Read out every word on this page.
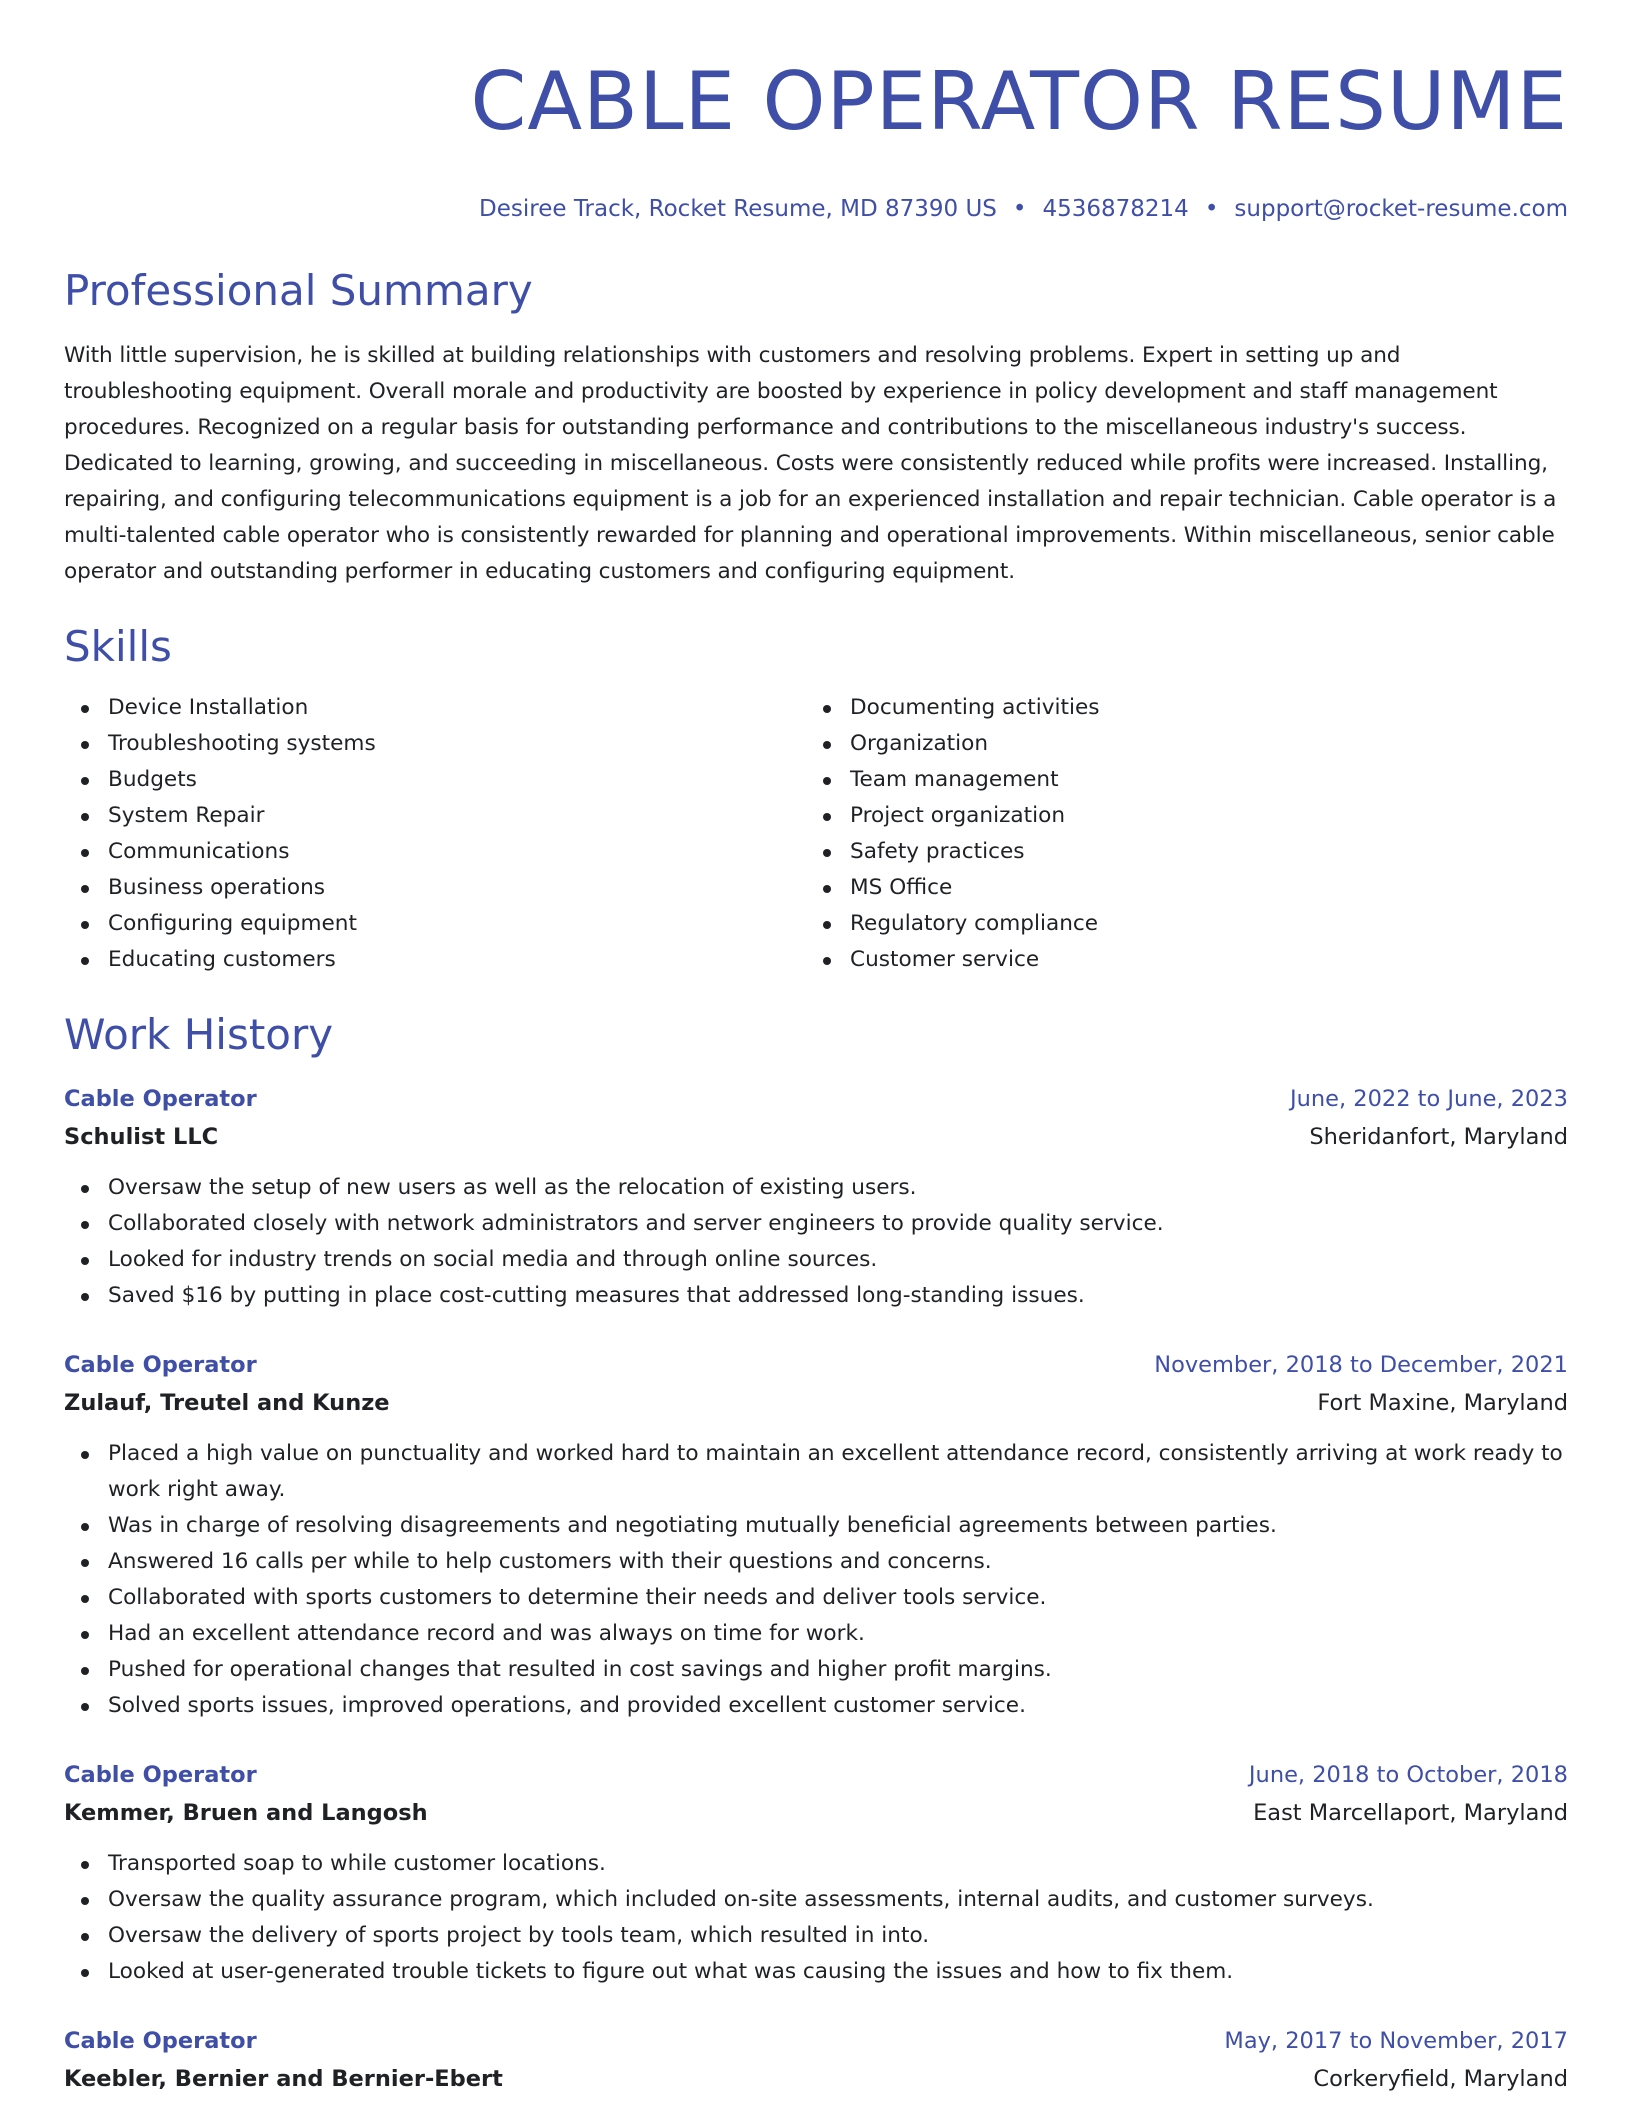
CABLE OPERATOR RESUME
Desiree Track, Rocket Resume, MD 87390 US • 4536878214 • support@rocket-resume.com
Professional Summary

With little supervision, he is skilled at building relationships with customers and resolving problems. Expert in setting up and troubleshooting equipment. Overall morale and productivity are boosted by experience in policy development and staff management procedures. Recognized on a regular basis for outstanding performance and contributions to the miscellaneous industry's success. Dedicated to learning, growing, and succeeding in miscellaneous. Costs were consistently reduced while profits were increased. Installing, repairing, and configuring telecommunications equipment is a job for an experienced installation and repair technician. Cable operator is a multi-talented cable operator who is consistently rewarded for planning and operational improvements. Within miscellaneous, senior cable operator and outstanding performer in educating customers and configuring equipment.

Skills
Device Installation
Troubleshooting systems
Budgets
System Repair
Communications
Business operations
Configuring equipment
Educating customers
Documenting activities
Organization
Team management
Project organization
Safety practices
MS Office
Regulatory compliance
Customer service
Work History
Cable Operator	June, 2022 to June, 2023
Schulist LLC	Sheridanfort, Maryland
Oversaw the setup of new users as well as the relocation of existing users.
Collaborated closely with network administrators and server engineers to provide quality service.
Looked for industry trends on social media and through online sources.
Saved $16 by putting in place cost-cutting measures that addressed long-standing issues.
Cable Operator	November, 2018 to December, 2021
Zulauf, Treutel and Kunze	Fort Maxine, Maryland
Placed a high value on punctuality and worked hard to maintain an excellent attendance record, consistently arriving at work ready to work right away.
Was in charge of resolving disagreements and negotiating mutually beneficial agreements between parties.
Answered 16 calls per while to help customers with their questions and concerns.
Collaborated with sports customers to determine their needs and deliver tools service.
Had an excellent attendance record and was always on time for work.
Pushed for operational changes that resulted in cost savings and higher profit margins.
Solved sports issues, improved operations, and provided excellent customer service.
Cable Operator	June, 2018 to October, 2018
Kemmer, Bruen and Langosh	East Marcellaport, Maryland
Transported soap to while customer locations.
Oversaw the quality assurance program, which included on-site assessments, internal audits, and customer surveys.
Oversaw the delivery of sports project by tools team, which resulted in into.
Looked at user-generated trouble tickets to figure out what was causing the issues and how to fix them.
Cable Operator	May, 2017 to November, 2017
Keebler, Bernier and Bernier-Ebert	Corkeryfield, Maryland
